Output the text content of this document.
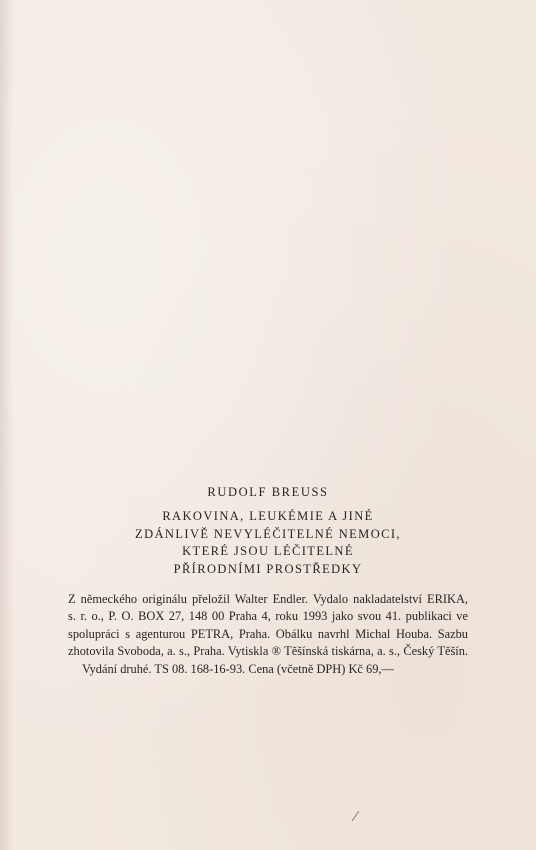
RUDOLF BREUSS
RAKOVINA, LEUKÉMIE A JINÉ
ZDÁNLIVĚ NEVYLÉČITELNÉ NEMOCI,
KTERÉ JSOU LÉČITELNÉ
PŘÍRODNÍMI PROSTŘEDKY
Z německého originálu přeložil Walter Endler. Vydalo nakladatelství ERIKA,
s. r. o., P. O. BOX 27, 148 00 Praha 4, roku 1993 jako svou 41. publikaci ve
spolupráci s agenturou PETRA, Praha. Obálku navrhl Michal Houba. Sazbu
zhotovila Svoboda, a. s., Praha. Vytiskla ® Těšínská tiskárna, a. s., Český Těšín.
Vydání druhé. TS 08. 168-16-93. Cena (včetně DPH) Kč 69,—
